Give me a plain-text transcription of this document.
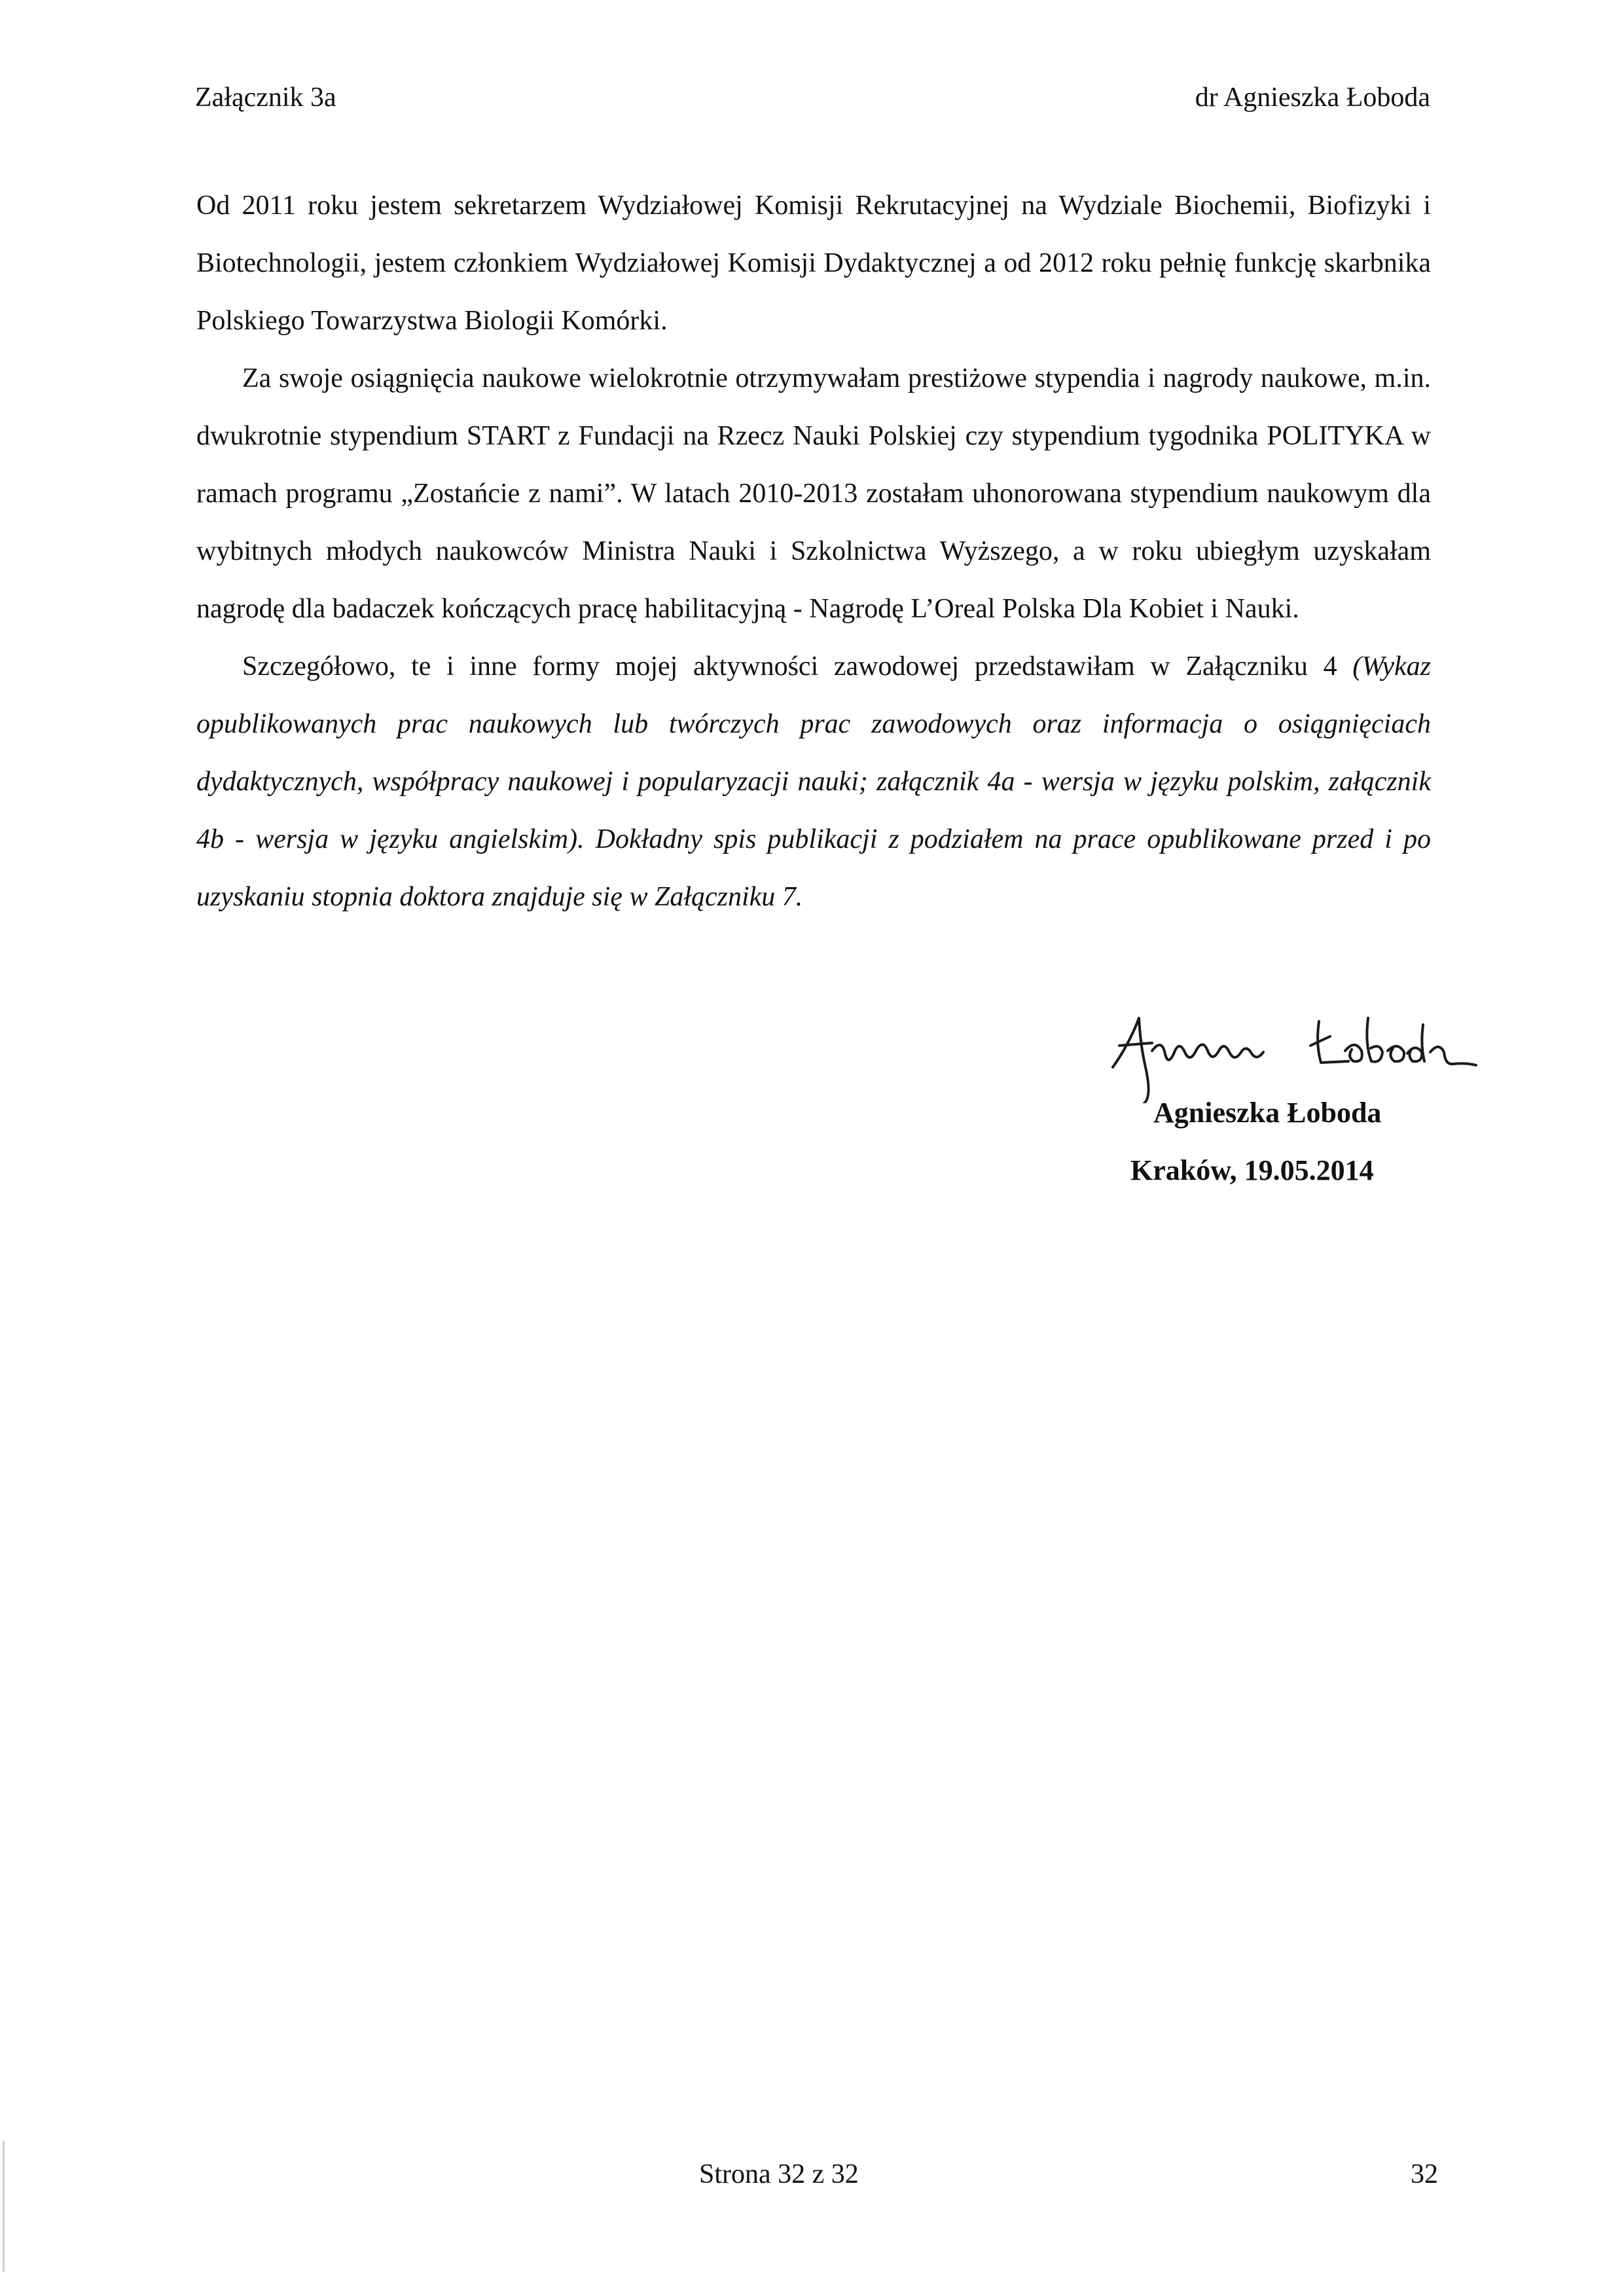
Załącznik 3a	dr Agnieszka Łoboda

Od 2011 roku jestem sekretarzem Wydziałowej Komisji Rekrutacyjnej na Wydziale Biochemii, Biofizyki i Biotechnologii, jestem członkiem Wydziałowej Komisji Dydaktycznej a od 2012 roku pełnię funkcję skarbnika Polskiego Towarzystwa Biologii Komórki.

Za swoje osiągnięcia naukowe wielokrotnie otrzymywałam prestiżowe stypendia i nagrody naukowe, m.in. dwukrotnie stypendium START z Fundacji na Rzecz Nauki Polskiej czy stypendium tygodnika POLITYKA w ramach programu „Zostańcie z nami”. W latach 2010-2013 zostałam uhonorowana stypendium naukowym dla wybitnych młodych naukowców Ministra Nauki i Szkolnictwa Wyższego, a w roku ubiegłym uzyskałam nagrodę dla badaczek kończących pracę habilitacyjną - Nagrodę L’Oreal Polska Dla Kobiet i Nauki.

Szczegółowo, te i inne formy mojej aktywności zawodowej przedstawiłam w Załączniku 4 (Wykaz opublikowanych prac naukowych lub twórczych prac zawodowych oraz informacja o osiągnięciach dydaktycznych, współpracy naukowej i popularyzacji nauki; załącznik 4a - wersja w języku polskim, załącznik 4b - wersja w języku angielskim). Dokładny spis publikacji z podziałem na prace opublikowane przed i po uzyskaniu stopnia doktora znajduje się w Załączniku 7.

Agnieszka Łoboda
Kraków, 19.05.2014
Strona 32 z 32	32
